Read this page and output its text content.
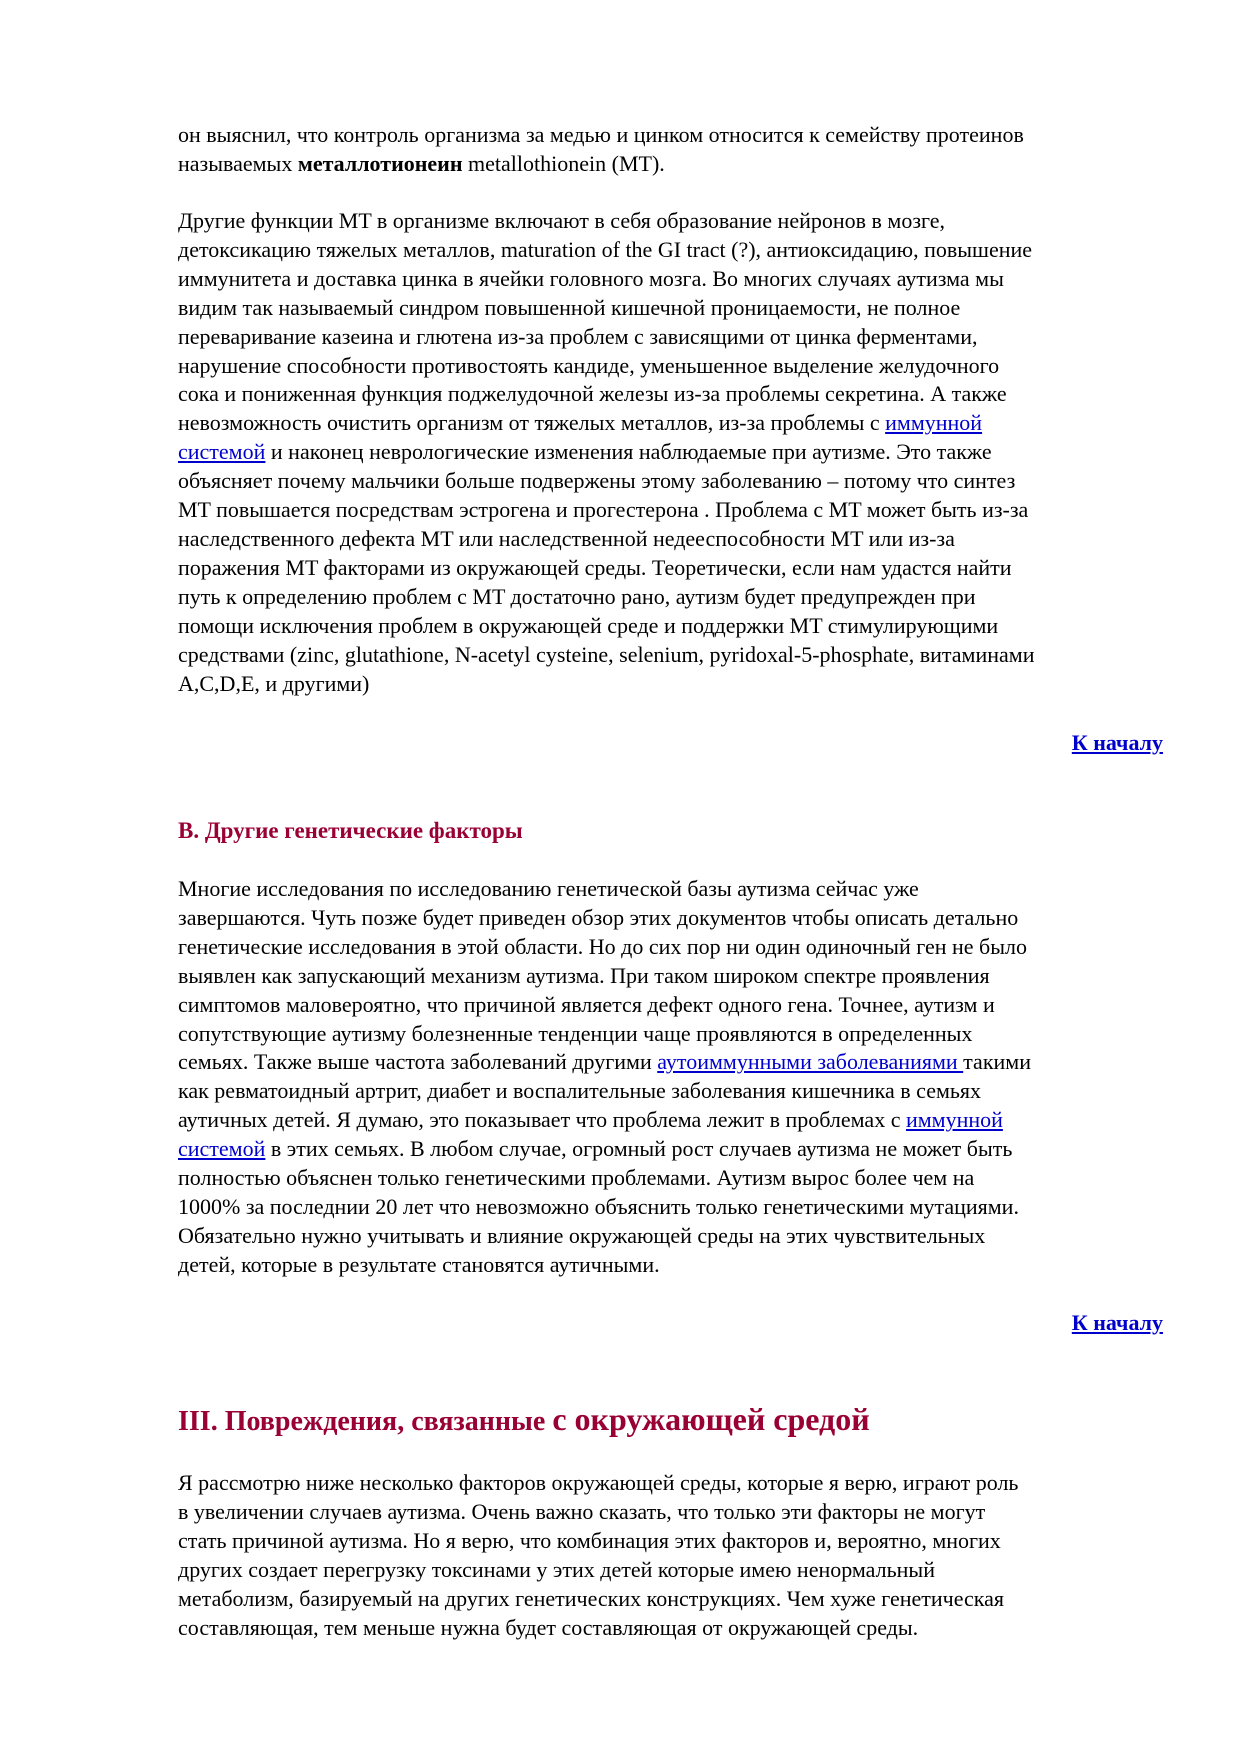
он выяснил, что контроль организма за медью и цинком относится к семейству протеинов
называемых металлотионеин metallothionein (MT).
Другие функции MT в организме включают в себя образование нейронов в мозге,
детоксикацию тяжелых металлов, maturation of the GI tract (?), антиоксидацию, повышение
иммунитета и доставка цинка в ячейки головного мозга. Во многих случаях аутизма мы
видим так называемый синдром повышенной кишечной проницаемости, не полное
переваривание казеина и глютена из-за проблем с зависящими от цинка ферментами,
нарушение способности противостоять кандиде, уменьшенное выделение желудочного
сока и пониженная функция поджелудочной железы из-за проблемы секретина. А также
невозможность очистить организм от тяжелых металлов, из-за проблемы с иммунной
системой и наконец неврологические изменения наблюдаемые при аутизме. Это также
объясняет почему мальчики больше подвержены этому заболеванию – потому что синтез
MT повышается посредствам эстрогена и прогестерона . Проблема с MT может быть из-за
наследственного дефекта MT или наследственной недееспособности MT или из-за
поражения MT факторами из окружающей среды. Теоретически, если нам удастся найти
путь к определению проблем с MT достаточно рано, аутизм будет предупрежден при
помощи исключения проблем в окружающей среде и поддержки MT стимулирующими
средствами (zinc, glutathione, N-acetyl cysteine, selenium, pyridoxal-5-phosphate, витаминами
A,C,D,E, и другими)
К началу
B. Другие генетические факторы
Многие исследования по исследованию генетической базы аутизма сейчас уже
завершаются. Чуть позже будет приведен обзор этих документов чтобы описать детально
генетические исследования в этой области. Но до сих пор ни один одиночный ген не было
выявлен как запускающий механизм аутизма. При таком широком спектре проявления
симптомов маловероятно, что причиной является дефект одного гена. Точнее, аутизм и
сопутствующие аутизму болезненные тенденции чаще проявляются в определенных
семьях. Также выше частота заболеваний другими аутоиммунными заболеваниями такими
как ревматоидный артрит, диабет и воспалительные заболевания кишечника в семьях
аутичных детей. Я думаю, это показывает что проблема лежит в проблемах с иммунной
системой в этих семьях. В любом случае, огромный рост случаев аутизма не может быть
полностью объяснен только генетическими проблемами. Аутизм вырос более чем на
1000% за последнии 20 лет что невозможно объяснить только генетическими мутациями.
Обязательно нужно учитывать и влияние окружающей среды на этих чувствительных
детей, которые в результате становятся аутичными.
К началу
III. Повреждения, связанные с окружающей средой
Я рассмотрю ниже несколько факторов окружающей среды, которые я верю, играют роль
в увеличении случаев аутизма. Очень важно сказать, что только эти факторы не могут
стать причиной аутизма. Но я верю, что комбинация этих факторов и, вероятно, многих
других создает перегрузку токсинами у этих детей которые имею ненормальный
метаболизм, базируемый на других генетических конструкциях. Чем хуже генетическая
составляющая, тем меньше нужна будет составляющая от окружающей среды.
